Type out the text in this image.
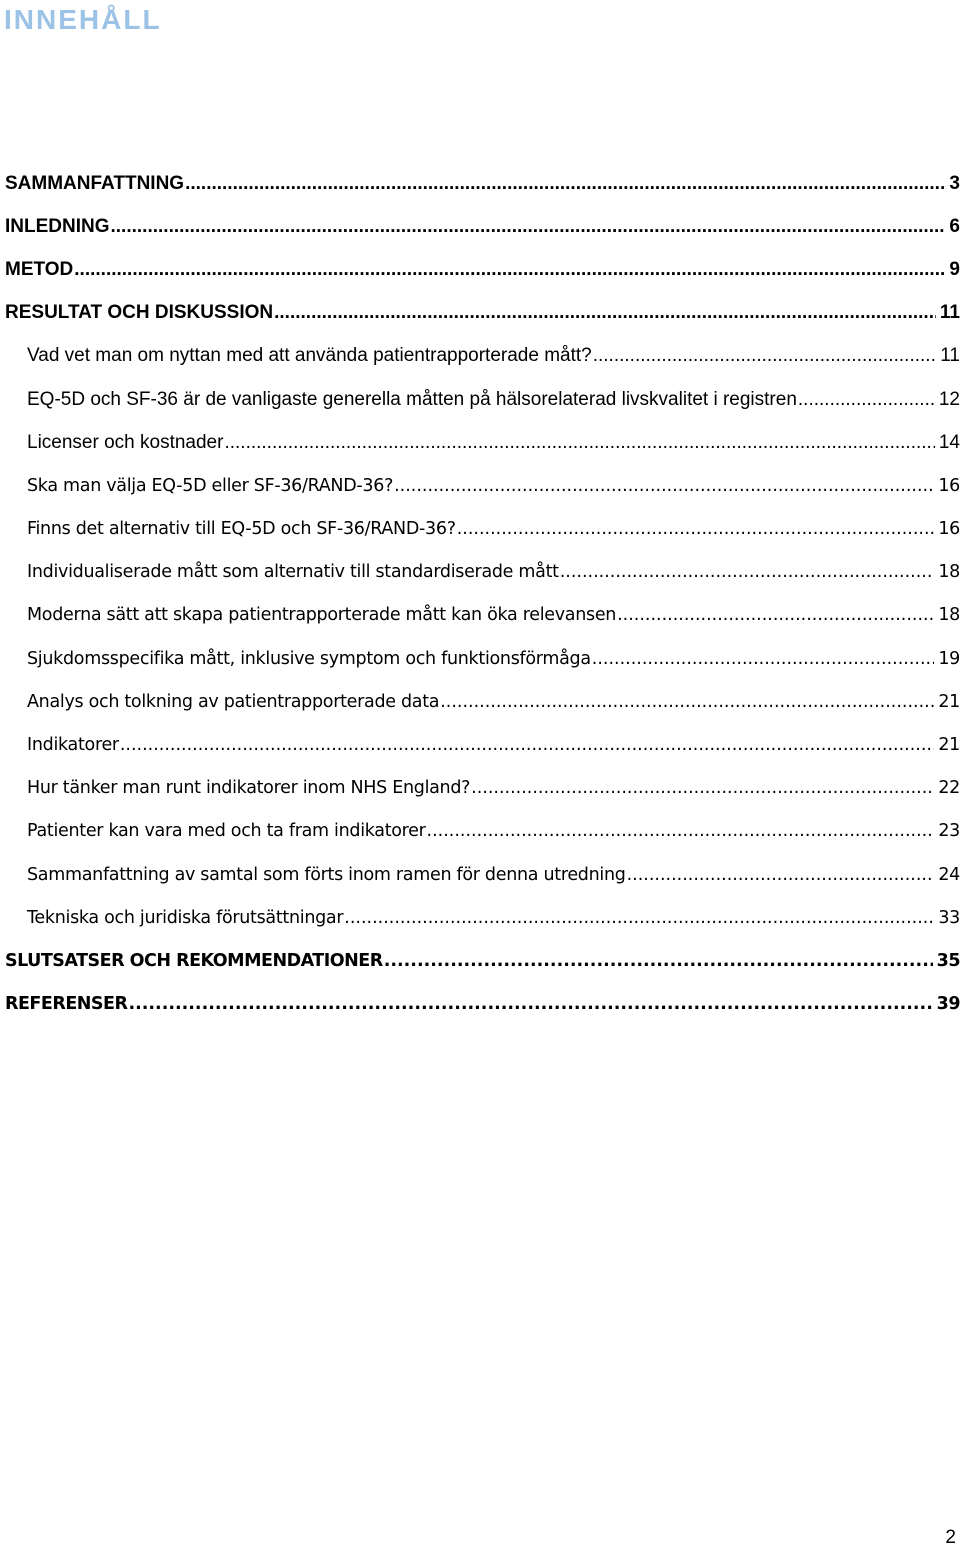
INNEHÅLL
SAMMANFATTNING .....	3
INLEDNING .....	6
METOD .....	9
RESULTAT OCH DISKUSSION .....	11
Vad vet man om nyttan med att använda patientrapporterade mått? .....	11
EQ-5D och SF-36 är de vanligaste generella måtten på hälsorelaterad livskvalitet i registren .....	12
Licenser och kostnader .....	14
Ska man välja EQ-5D eller SF-36/RAND-36? .....	16
Finns det alternativ till EQ-5D och SF-36/RAND-36? .....	16
Individualiserade mått som alternativ till standardiserade mått .....	18
Moderna sätt att skapa patientrapporterade mått kan öka relevansen .....	18
Sjukdomsspecifika mått, inklusive symptom och funktionsförmåga .....	19
Analys och tolkning av patientrapporterade data .....	21
Indikatorer .....	21
Hur tänker man runt indikatorer inom NHS England? .....	22
Patienter kan vara med och ta fram indikatorer .....	23
Sammanfattning av samtal som förts inom ramen för denna utredning .....	24
Tekniska och juridiska förutsättningar .....	33
SLUTSATSER OCH REKOMMENDATIONER .....	35
REFERENSER .....	39
2
